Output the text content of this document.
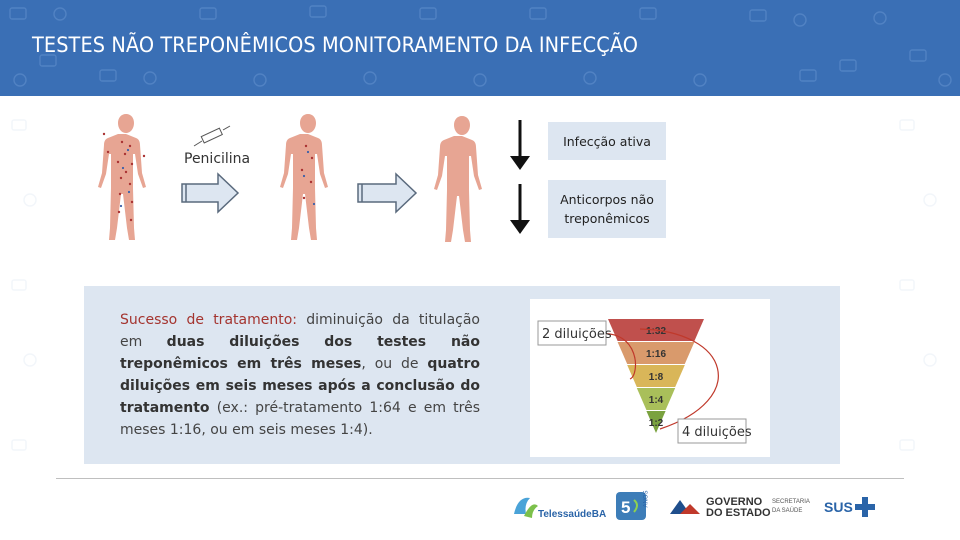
TESTES NÃO TREPONÊMICOS MONITORAMENTO DA INFECÇÃO
Penicilina
Infecção ativa
Anticorpos não treponêmicos
Sucesso de tratamento: diminuição da titulação em duas diluições dos testes não treponêmicos em três meses, ou de quatro diluições em seis meses após a conclusão do tratamento (ex.: pré-tratamento 1:64 e em três meses 1:16, ou em seis meses 1:4).
1:32
1:16
1:8
1:4
1:2
2 diluições
4 diluições
TelessaúdeBA 5 ANOS	GOVERNO
DO ESTADO
SECRETARIA
DA SAÚDE SUS
